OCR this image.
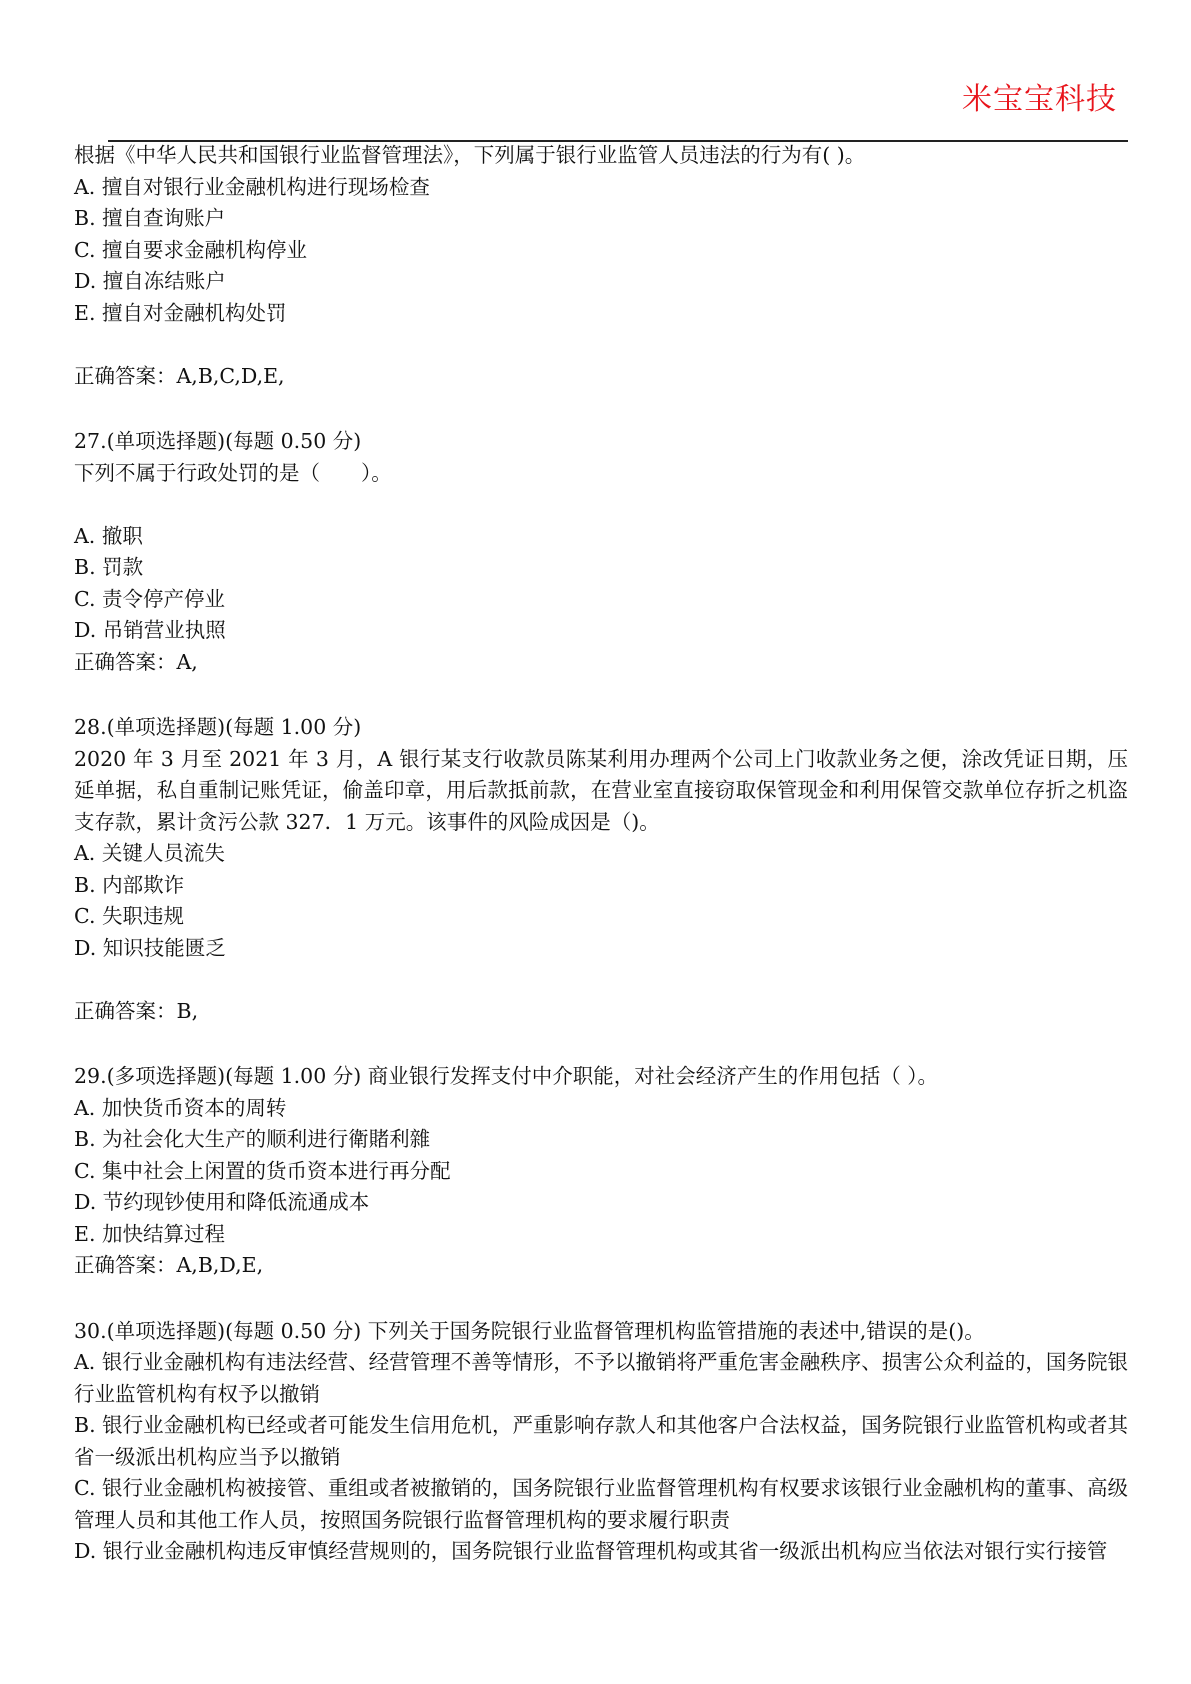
米宝宝科技

根据《中华人民共和国银行业监督管理法》，下列属于银行业监管人员违法的行为有( )。

A. 擅自对银行业金融机构进行现场检查

B. 擅自查询账户

C. 擅自要求金融机构停业

D. 擅自冻结账户

E. 擅自对金融机构处罚

正确答案：A,B,C,D,E,

27.(单项选择题)(每题 0.50 分)

下列不属于行政处罚的是（　　）。

A. 撤职

B. 罚款

C. 责令停产停业

D. 吊销营业执照

正确答案：A,

28.(单项选择题)(每题 1.00 分)

2020 年 3 月至 2021 年 3 月，A 银行某支行收款员陈某利用办理两个公司上门收款业务之便，涂改凭证日期，压延单据，私自重制记账凭证，偷盖印章，用后款抵前款，在营业室直接窃取保管现金和利用保管交款单位存折之机盗支存款，累计贪污公款 327．1 万元。该事件的风险成因是（)。

A. 关键人员流失

B. 内部欺诈

C. 失职违规

D. 知识技能匮乏

正确答案：B,

29.(多项选择题)(每题 1.00 分) 商业银行发挥支付中介职能，对社会经济产生的作用包括（ ）。

A. 加快货币资本的周转

B. 为社会化大生产的顺利进行衛賭利雜

C. 集中社会上闲置的货币资本进行再分配

D. 节约现钞使用和降低流通成本

E. 加快结算过程

正确答案：A,B,D,E,

30.(单项选择题)(每题 0.50 分) 下列关于国务院银行业监督管理机构监管措施的表述中,错误的是()。

A. 银行业金融机构有违法经营、经营管理不善等情形，不予以撤销将严重危害金融秩序、损害公众利益的，国务院银行业监管机构有权予以撤销

B. 银行业金融机构已经或者可能发生信用危机，严重影响存款人和其他客户合法权益，国务院银行业监管机构或者其省一级派出机构应当予以撤销

C. 银行业金融机构被接管、重组或者被撤销的，国务院银行业监督管理机构有权要求该银行业金融机构的董事、高级管理人员和其他工作人员，按照国务院银行监督管理机构的要求履行职责

D. 银行业金融机构违反审慎经营规则的，国务院银行业监督管理机构或其省一级派出机构应当依法对银行实行接管
